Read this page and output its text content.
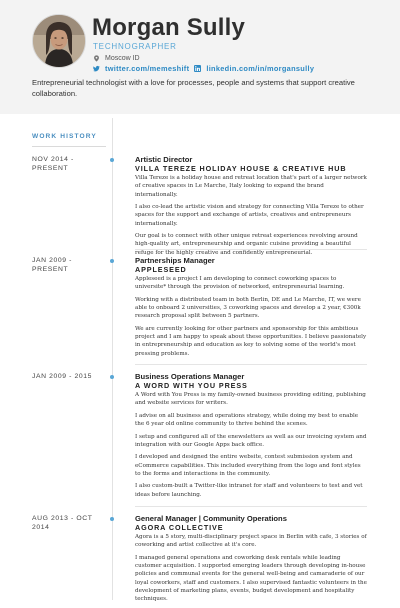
Morgan Sully
TECHNOGRAPHER
Moscow ID
twitter.com/memeshift linkedin.com/in/morgansully
Entrepreneurial technologist with a love for processes, people and systems that support creative collaboration.
WORK HISTORY
NOV 2014 - PRESENT
Artistic Director
VILLA TEREZE HOLIDAY HOUSE & CREATIVE HUB

Villa Tereze is a holiday house and retreat location that's part of a larger network of creative spaces in Le Marche, Italy looking to expand the brand internationally.

I also co-lead the artistic vision and strategy for connecting Villa Tereze to other spaces for the support and exchange of artists, creatives and entrepreneurs internationally.

Our goal is to connect with other unique retreat experiences revolving around high-quality art, entrepreneurship and organic cuisine providing a beautiful refuge for the highly creative and confidently entrepreneurial.

JAN 2009 - PRESENT
Partnerships Manager
APPLESEED

Appleseed is a project I am developing to connect coworking spaces to universite* through the provision of networked, entrepreneurial learning.

Working with a distributed team in both Berlin, DE and Le Marche, IT, we were able to onboard 2 universities, 3 coworking spaces and develop a 2 year, €300k research proposal split between 5 partners.

We are currently looking for other partners and sponsorship for this ambitious project and I am happy to speak about these opportunities. I believe passionately in entrepreneurship and education as key to solving some of the world's most pressing problems.

JAN 2009 - 2015	Business Operations Manager
A WORD WITH YOU PRESS

A Word with You Press is my family-owned business providing editing, publishing and website services for writers.

I advise on all business and operations strategy, while doing my best to enable the 6 year old online community to thrive behind the scenes.

I setup and configured all of the enewsletters as well as our invoicing system and integration with our Google Apps back office.

I developed and designed the entire website, contest submission system and eCommerce capabilities. This included everything from the logo and font styles to the forms and interactions in the community.

I also custom-built a Twitter-like intranet for staff and volunteers to test and vet ideas before launching.

AUG 2013 - OCT 2014
General Manager | Community Operations
AGORA COLLECTIVE

Agora is a 5 story, multi-disciplinary project space in Berlin with cafe, 3 stories of coworking and artist collective at it's core.

I managed general operations and coworking desk rentals while leading customer acquisition. I supported emerging leaders through developing in-house policies and communal events for the general well-being and camaraderie of our loyal coworkers, staff and customers. I also supervised fantastic volunteers in the development of marketing plans, events, budget development and hospitality techniques.
